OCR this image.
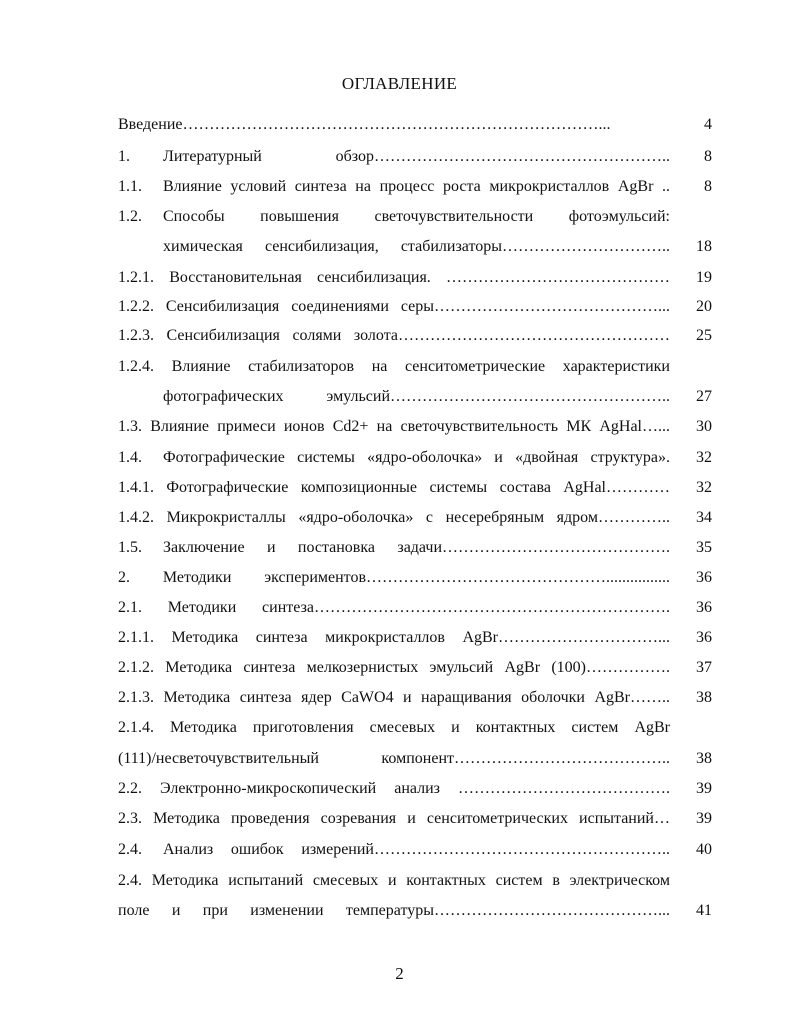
ОГЛАВЛЕНИЕ
Введение……………………………………………………………………...	4
1. Литературный обзор………………………………………………..	8
1.1. Влияние условий синтеза на процесс роста микрокристаллов AgBr ..	8
1.2. Способы повышения светочувствительности фотоэмульсий:
химическая сенсибилизация, стабилизаторы…………………………..	18
1.2.1. Восстановительная сенсибилизация. ……………………………………	19
1.2.2. Сенсибилизация соединениями серы……………………………………...	20
1.2.3. Сенсибилизация солями золота……………………………………………	25
1.2.4. Влияние стабилизаторов на сенситометрические характеристики
фотографических эмульсий……………………………………………..	27
1.3. Влияние примеси ионов Cd2+ на светочувствительность МК AgHal…...	30
1.4. Фотографические системы «ядро-оболочка» и «двойная структура».	32
1.4.1. Фотографические композиционные системы состава AgHal…………	32
1.4.2. Микрокристаллы «ядро-оболочка» с несеребряным ядром…………..	34
1.5. Заключение и постановка задачи…………………………………….	35
2. Методики экспериментов………………………………………................	36
2.1. Методики синтеза………………………………………………………….	36
2.1.1. Методика синтеза микрокристаллов AgBr…………………………...	36
2.1.2. Методика синтеза мелкозернистых эмульсий AgBr (100)…………….	37
2.1.3. Методика синтеза ядер CaWO4 и наращивания оболочки AgBr……..	38
2.1.4. Методика приготовления смесевых и контактных систем AgBr
(111)/несветочувствительный компонент…………………………………..	38
2.2. Электронно-микроскопический анализ ………………………………….	39
2.3. Методика проведения созревания и сенситометрических испытаний…	39
2.4. Анализ ошибок измерений………………………………………………..	40
2.4. Методика испытаний смесевых и контактных систем в электрическом
поле и при изменении температуры……………………………………...	41
2
